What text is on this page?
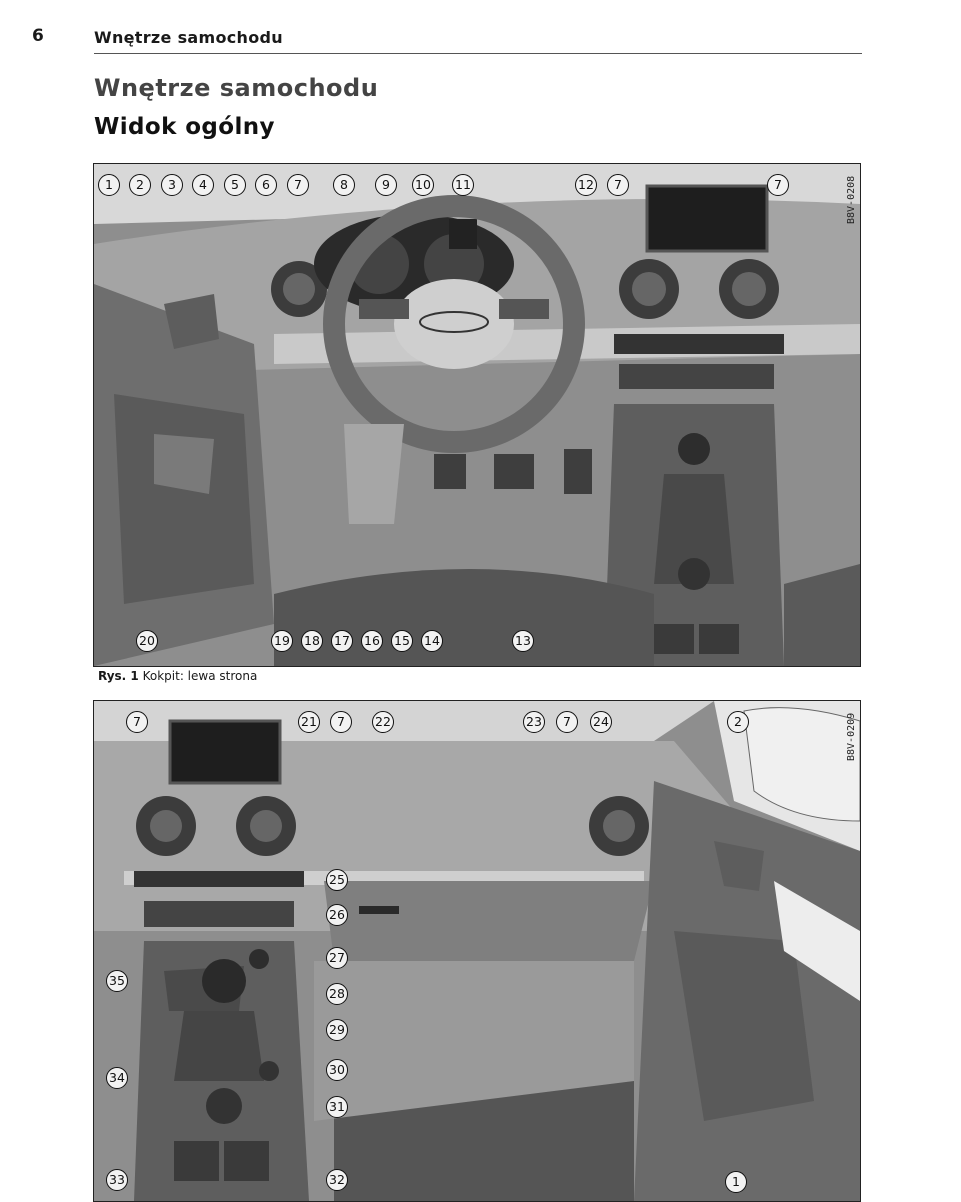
6	Wnętrze samochodu
Wnętrze samochodu
Widok ogólny
B8V-0208
1	2	3	4	5	6	7	8	9	10 11	12	7	7
20	19 18 17 16 15 14	13
Rys. 1 Kokpit: lewa strona
B8V-0209
7	21	7	22	23	7	24	2
25
26
27
28
29
30
31
32
35
34
33	1
